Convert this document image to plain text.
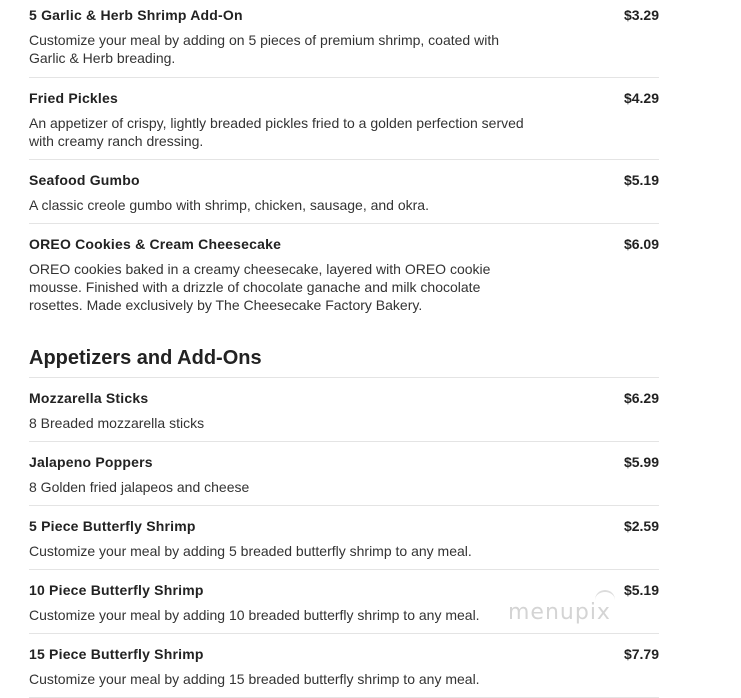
5 Garlic & Herb Shrimp Add-On	$3.29
Customize your meal by adding on 5 pieces of premium shrimp, coated with Garlic & Herb breading.
Fried Pickles	$4.29
An appetizer of crispy, lightly breaded pickles fried to a golden perfection served with creamy ranch dressing.
Seafood Gumbo	$5.19
A classic creole gumbo with shrimp, chicken, sausage, and okra.
OREO Cookies & Cream Cheesecake	$6.09
OREO cookies baked in a creamy cheesecake, layered with OREO cookie mousse. Finished with a drizzle of chocolate ganache and milk chocolate rosettes. Made exclusively by The Cheesecake Factory Bakery.
Appetizers and Add-Ons
Mozzarella Sticks	$6.29
8 Breaded mozzarella sticks
Jalapeno Poppers	$5.99
8 Golden fried jalapeos and cheese
5 Piece Butterfly Shrimp	$2.59
Customize your meal by adding 5 breaded butterfly shrimp to any meal.
10 Piece Butterfly Shrimp	$5.19
Customize your meal by adding 10 breaded butterfly shrimp to any meal.
15 Piece Butterfly Shrimp	$7.79
Customize your meal by adding 15 breaded butterfly shrimp to any meal.
menupix
